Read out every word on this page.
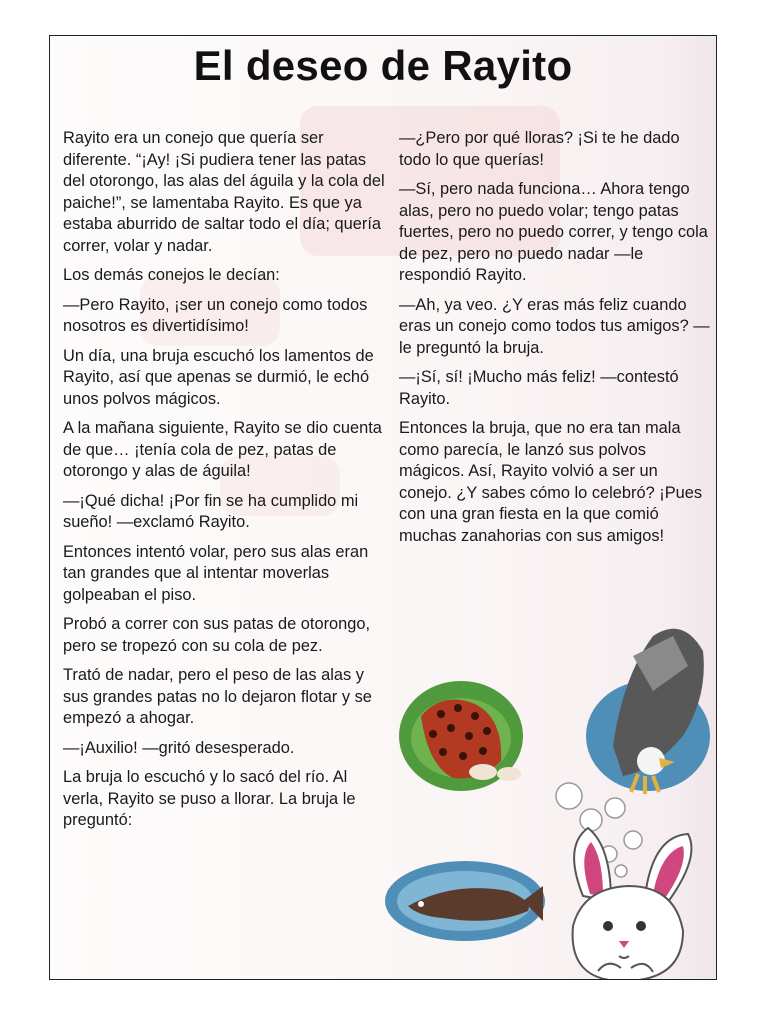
El deseo de Rayito

Rayito era un conejo que quería ser diferente. “¡Ay! ¡Si pudiera tener las patas del otorongo, las alas del águila y la cola del paiche!”, se lamentaba Rayito. Es que ya estaba aburrido de saltar todo el día; quería correr, volar y nadar.

Los demás conejos le decían:

—Pero Rayito, ¡ser un conejo como todos nosotros es divertidísimo!

Un día, una bruja escuchó los lamentos de Rayito, así que apenas se durmió, le echó unos polvos mágicos.

A la mañana siguiente, Rayito se dio cuenta de que… ¡tenía cola de pez, patas de otorongo y alas de águila!

—¡Qué dicha! ¡Por fin se ha cumplido mi sueño! —exclamó Rayito.

Entonces intentó volar, pero sus alas eran tan grandes que al intentar moverlas golpeaban el piso.

Probó a correr con sus patas de otorongo, pero se tropezó con su cola de pez.

Trató de nadar, pero el peso de las alas y sus grandes patas no lo dejaron flotar y se empezó a ahogar.

—¡Auxilio! —gritó desesperado.

La bruja lo escuchó y lo sacó del río. Al verla, Rayito se puso a llorar. La bruja le preguntó:

—¿Pero por qué lloras? ¡Si te he dado todo lo que querías!

—Sí, pero nada funciona… Ahora tengo alas, pero no puedo volar; tengo patas fuertes, pero no puedo correr, y tengo cola de pez, pero no puedo nadar —le respondió Rayito.

—Ah, ya veo. ¿Y eras más feliz cuando eras un conejo como todos tus amigos? —le preguntó la bruja.

—¡Sí, sí! ¡Mucho más feliz! —contestó Rayito.

Entonces la bruja, que no era tan mala como parecía, le lanzó sus polvos mágicos. Así, Rayito volvió a ser un conejo. ¿Y sabes cómo lo celebró? ¡Pues con una gran fiesta en la que comió muchas zanahorias con sus amigos!
